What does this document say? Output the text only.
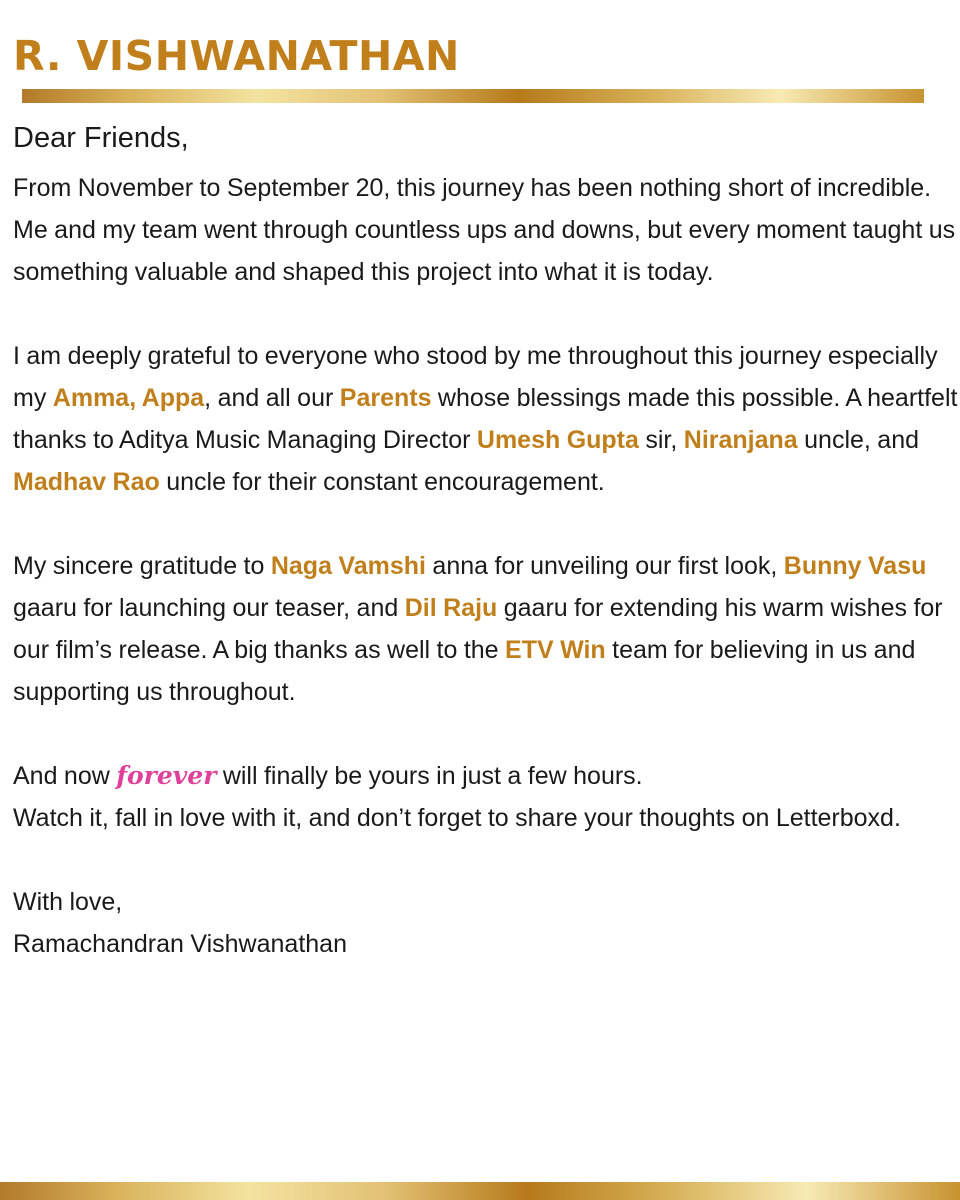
R. VISHWANATHAN

Dear Friends,

From November to September 20, this journey has been nothing short of incredible. Me and my team went through countless ups and downs, but every moment taught us something valuable and shaped this project into what it is today.

I am deeply grateful to everyone who stood by me throughout this journey especially my Amma, Appa, and all our Parents whose blessings made this possible. A heartfelt thanks to Aditya Music Managing Director Umesh Gupta sir, Niranjana uncle, and Madhav Rao uncle for their constant encouragement.

My sincere gratitude to Naga Vamshi anna for unveiling our first look, Bunny Vasu gaaru for launching our teaser, and Dil Raju gaaru for extending his warm wishes for our film’s release. A big thanks as well to the ETV Win team for believing in us and supporting us throughout.

And now forever will finally be yours in just a few hours.
Watch it, fall in love with it, and don’t forget to share your thoughts on Letterboxd.

With love,
Ramachandran Vishwanathan
